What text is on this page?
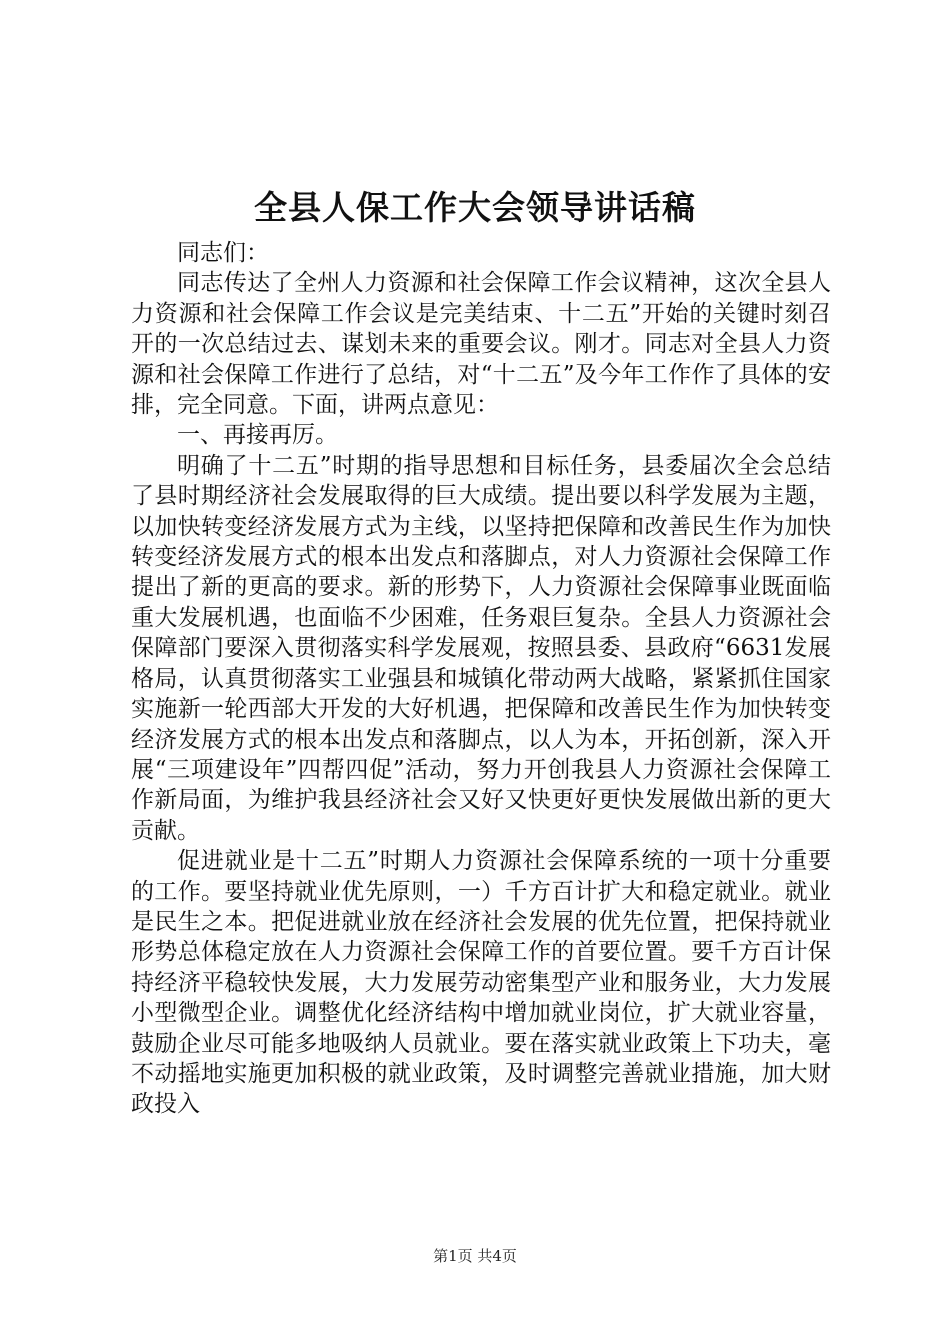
全县人保工作大会领导讲话稿

同志们：

同志传达了全州人力资源和社会保障工作会议精神，这次全县人力资源和社会保障工作会议是完美结束、十二五”开始的关键时刻召开的一次总结过去、谋划未来的重要会议。刚才。同志对全县人力资源和社会保障工作进行了总结，对“十二五”及今年工作作了具体的安排，完全同意。下面，讲两点意见：

一、再接再厉。

明确了十二五”时期的指导思想和目标任务，县委届次全会总结了县时期经济社会发展取得的巨大成绩。提出要以科学发展为主题，以加快转变经济发展方式为主线，以坚持把保障和改善民生作为加快转变经济发展方式的根本出发点和落脚点，对人力资源社会保障工作提出了新的更高的要求。新的形势下，人力资源社会保障事业既面临重大发展机遇，也面临不少困难，任务艰巨复杂。全县人力资源社会保障部门要深入贯彻落实科学发展观，按照县委、县政府“6631发展格局，认真贯彻落实工业强县和城镇化带动两大战略，紧紧抓住国家实施新一轮西部大开发的大好机遇，把保障和改善民生作为加快转变经济发展方式的根本出发点和落脚点，以人为本，开拓创新，深入开展“三项建设年”四帮四促”活动，努力开创我县人力资源社会保障工作新局面，为维护我县经济社会又好又快更好更快发展做出新的更大贡献。

促进就业是十二五”时期人力资源社会保障系统的一项十分重要的工作。要坚持就业优先原则，一）千方百计扩大和稳定就业。就业是民生之本。把促进就业放在经济社会发展的优先位置，把保持就业形势总体稳定放在人力资源社会保障工作的首要位置。要千方百计保持经济平稳较快发展，大力发展劳动密集型产业和服务业，大力发展小型微型企业。调整优化经济结构中增加就业岗位，扩大就业容量，鼓励企业尽可能多地吸纳人员就业。要在落实就业政策上下功夫，毫不动摇地实施更加积极的就业政策，及时调整完善就业措施，加大财政投入

第1页 共4页
